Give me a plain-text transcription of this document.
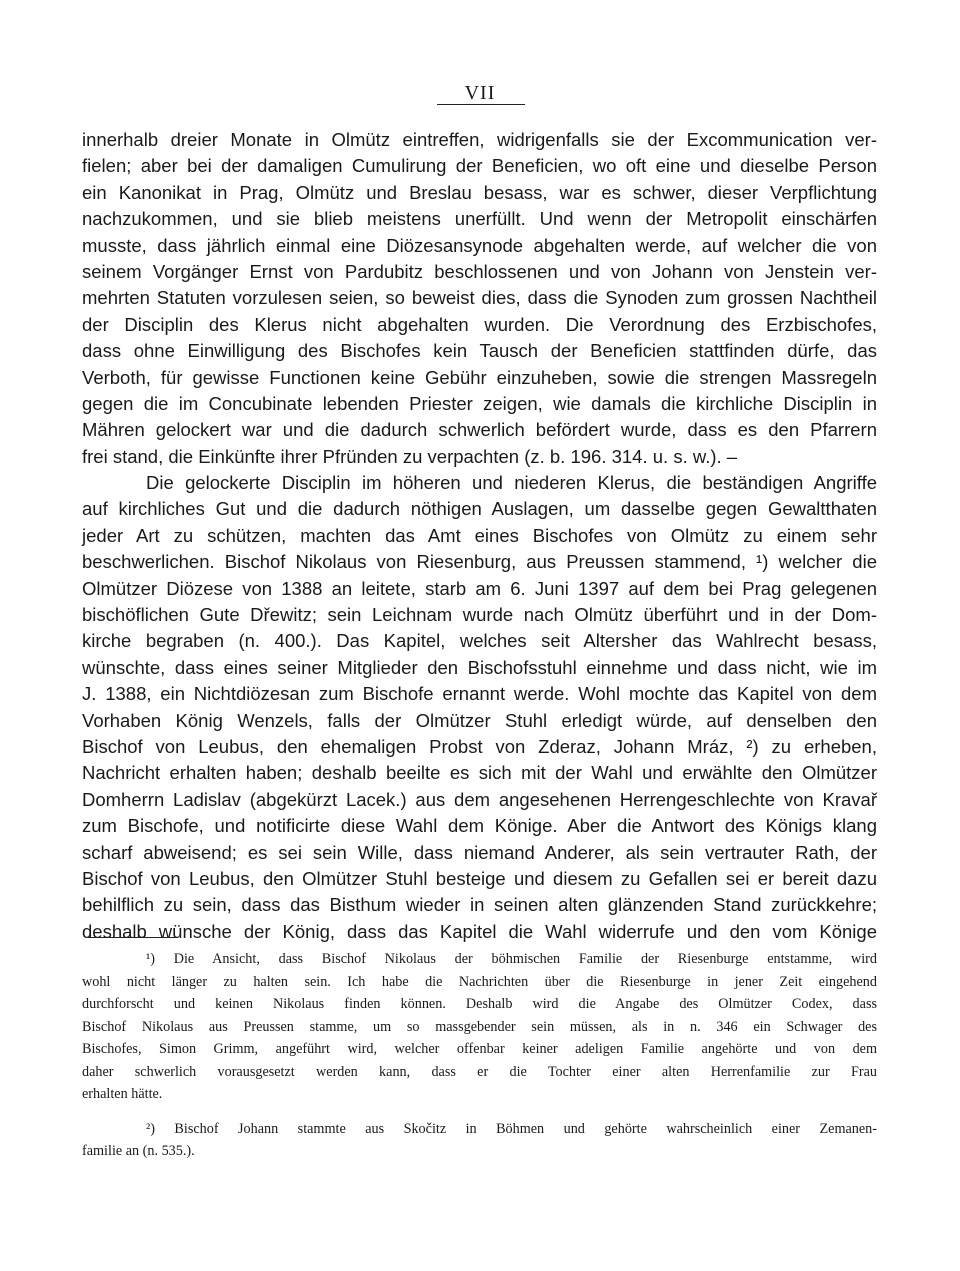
VII
innerhalb dreier Monate in Olmütz eintreffen, widrigenfalls sie der Excommunication ver-
fielen; aber bei der damaligen Cumulirung der Beneficien, wo oft eine und dieselbe Person
ein Kanonikat in Prag, Olmütz und Breslau besass, war es schwer, dieser Verpflichtung
nachzukommen, und sie blieb meistens unerfüllt. Und wenn der Metropolit einschärfen
musste, dass jährlich einmal eine Diözesansynode abgehalten werde, auf welcher die von
seinem Vorgänger Ernst von Pardubitz beschlossenen und von Johann von Jenstein ver-
mehrten Statuten vorzulesen seien, so beweist dies, dass die Synoden zum grossen Nachtheil
der Disciplin des Klerus nicht abgehalten wurden. Die Verordnung des Erzbischofes,
dass ohne Einwilligung des Bischofes kein Tausch der Beneficien stattfinden dürfe, das
Verboth, für gewisse Functionen keine Gebühr einzuheben, sowie die strengen Massregeln
gegen die im Concubinate lebenden Priester zeigen, wie damals die kirchliche Disciplin in
Mähren gelockert war und die dadurch schwerlich befördert wurde, dass es den Pfarrern
frei stand, die Einkünfte ihrer Pfründen zu verpachten (z. b. 196. 314. u. s. w.). –
Die gelockerte Disciplin im höheren und niederen Klerus, die beständigen Angriffe
auf kirchliches Gut und die dadurch nöthigen Auslagen, um dasselbe gegen Gewaltthaten
jeder Art zu schützen, machten das Amt eines Bischofes von Olmütz zu einem sehr
beschwerlichen. Bischof Nikolaus von Riesenburg, aus Preussen stammend, ¹) welcher die
Olmützer Diözese von 1388 an leitete, starb am 6. Juni 1397 auf dem bei Prag gelegenen
bischöflichen Gute Dřewitz; sein Leichnam wurde nach Olmütz überführt und in der Dom-
kirche begraben (n. 400.). Das Kapitel, welches seit Altersher das Wahlrecht besass,
wünschte, dass eines seiner Mitglieder den Bischofsstuhl einnehme und dass nicht, wie im
J. 1388, ein Nichtdiözesan zum Bischofe ernannt werde. Wohl mochte das Kapitel von dem
Vorhaben König Wenzels, falls der Olmützer Stuhl erledigt würde, auf denselben den
Bischof von Leubus, den ehemaligen Probst von Zderaz, Johann Mráz, ²) zu erheben,
Nachricht erhalten haben; deshalb beeilte es sich mit der Wahl und erwählte den Olmützer
Domherrn Ladislav (abgekürzt Lacek.) aus dem angesehenen Herrengeschlechte von Kravař
zum Bischofe, und notificirte diese Wahl dem Könige. Aber die Antwort des Königs klang
scharf abweisend; es sei sein Wille, dass niemand Anderer, als sein vertrauter Rath, der
Bischof von Leubus, den Olmützer Stuhl besteige und diesem zu Gefallen sei er bereit dazu
behilflich zu sein, dass das Bisthum wieder in seinen alten glänzenden Stand zurückkehre;
deshalb wünsche der König, dass das Kapitel die Wahl widerrufe und den vom Könige
¹) Die Ansicht, dass Bischof Nikolaus der böhmischen Familie der Riesenburge entstamme, wird
wohl nicht länger zu halten sein. Ich habe die Nachrichten über die Riesenburge in jener Zeit eingehend
durchforscht und keinen Nikolaus finden können. Deshalb wird die Angabe des Olmützer Codex, dass
Bischof Nikolaus aus Preussen stamme, um so massgebender sein müssen, als in n. 346 ein Schwager des
Bischofes, Simon Grimm, angeführt wird, welcher offenbar keiner adeligen Familie angehörte und von dem
daher schwerlich vorausgesetzt werden kann, dass er die Tochter einer alten Herrenfamilie zur Frau
erhalten hätte.
²) Bischof Johann stammte aus Skočitz in Böhmen und gehörte wahrscheinlich einer Zemanen-
familie an (n. 535.).
